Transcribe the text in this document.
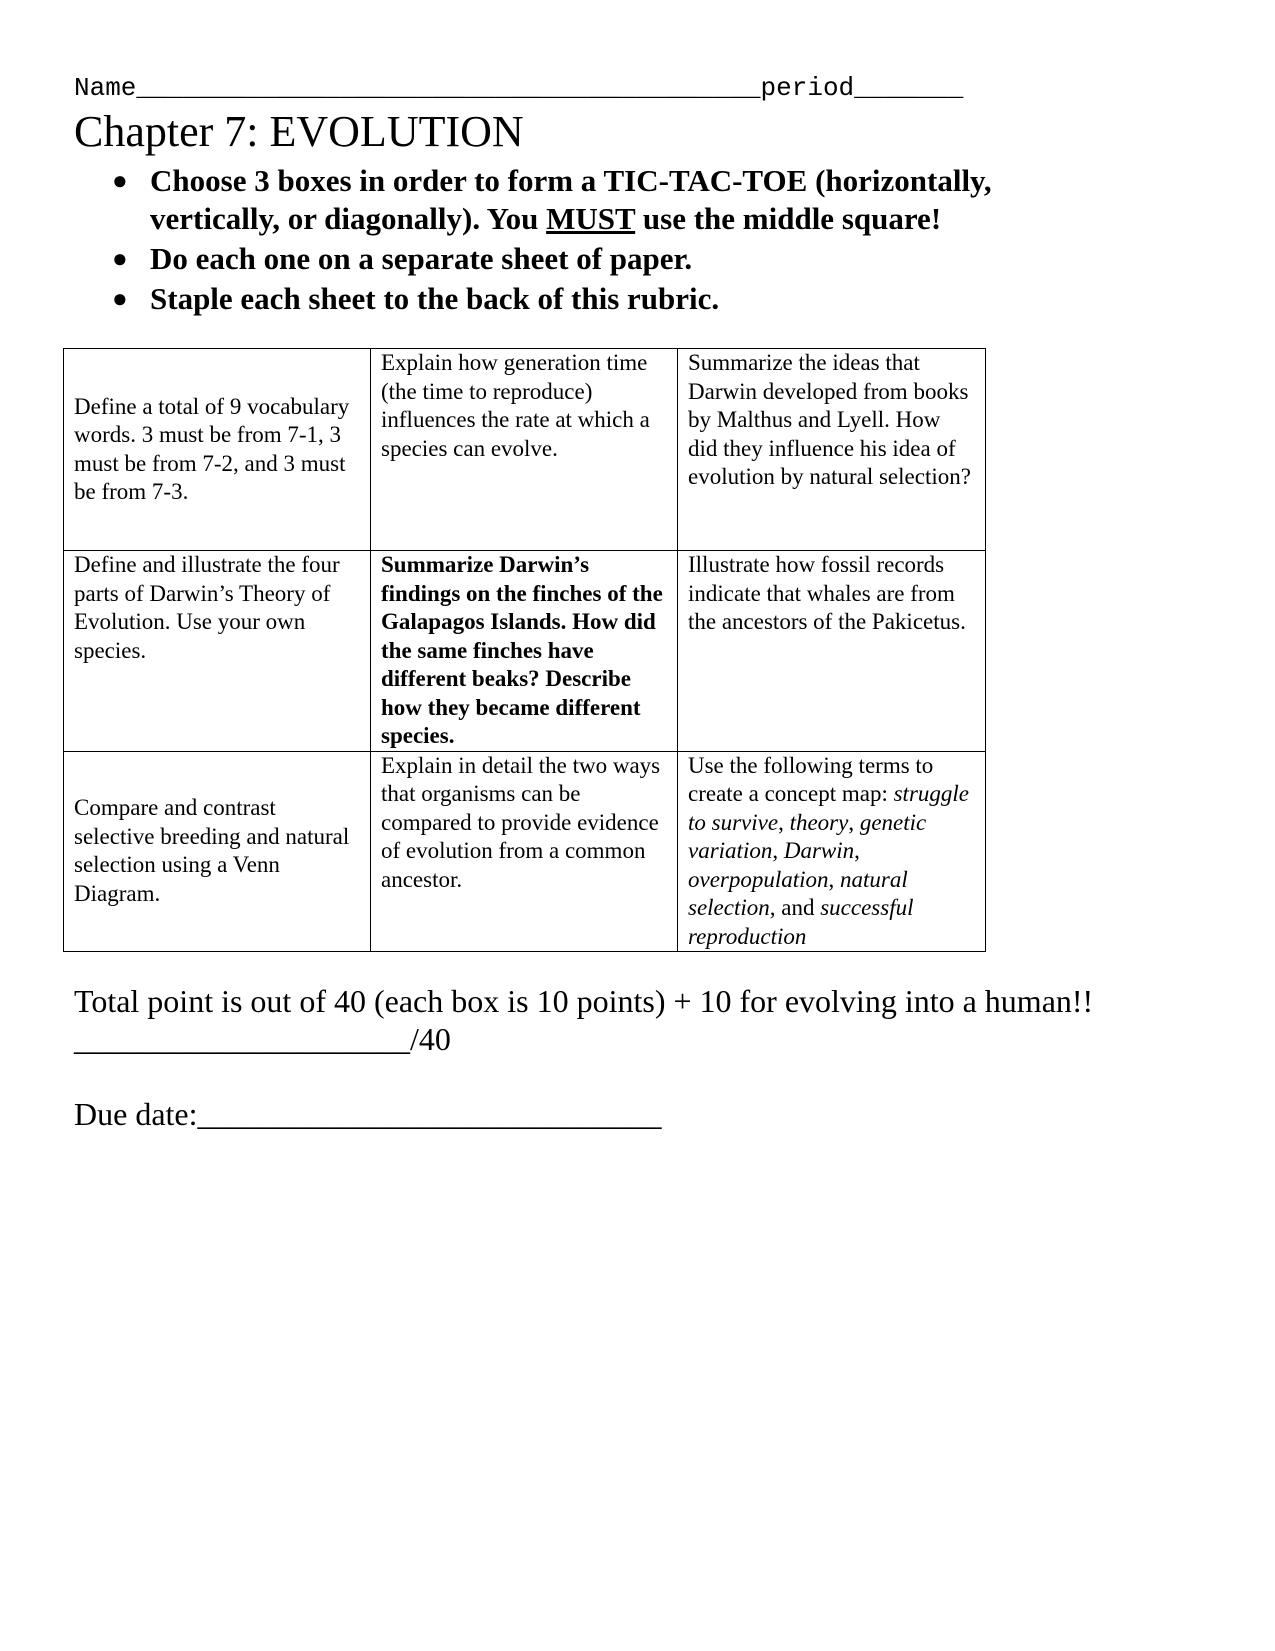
Name________________________________________period_______
Chapter 7: EVOLUTION
● Choose 3 boxes in order to form a TIC-TAC-TOE (horizontally, vertically, or diagonally). You MUST use the middle square!
● Do each one on a separate sheet of paper.
● Staple each sheet to the back of this rubric.
Define a total of 9 vocabulary words. 3 must be from 7-1, 3 must be from 7-2, and 3 must be from 7-3.	Explain how generation time (the time to reproduce) influences the rate at which a species can evolve.	Summarize the ideas that Darwin developed from books by Malthus and Lyell. How did they influence his idea of evolution by natural selection?
Define and illustrate the four parts of Darwin’s Theory of Evolution. Use your own species.	Summarize Darwin’s findings on the finches of the Galapagos Islands. How did the same finches have different beaks? Describe how they became different species.	Illustrate how fossil records indicate that whales are from the ancestors of the Pakicetus.
Compare and contrast selective breeding and natural selection using a Venn Diagram.	Explain in detail the two ways that organisms can be compared to provide evidence of evolution from a common ancestor.	Use the following terms to create a concept map: struggle to survive, theory, genetic variation, Darwin, overpopulation, natural selection, and successful reproduction
Total point is out of 40 (each box is 10 points) + 10 for evolving into a human!!
_____________________/40
Due date:_____________________________
